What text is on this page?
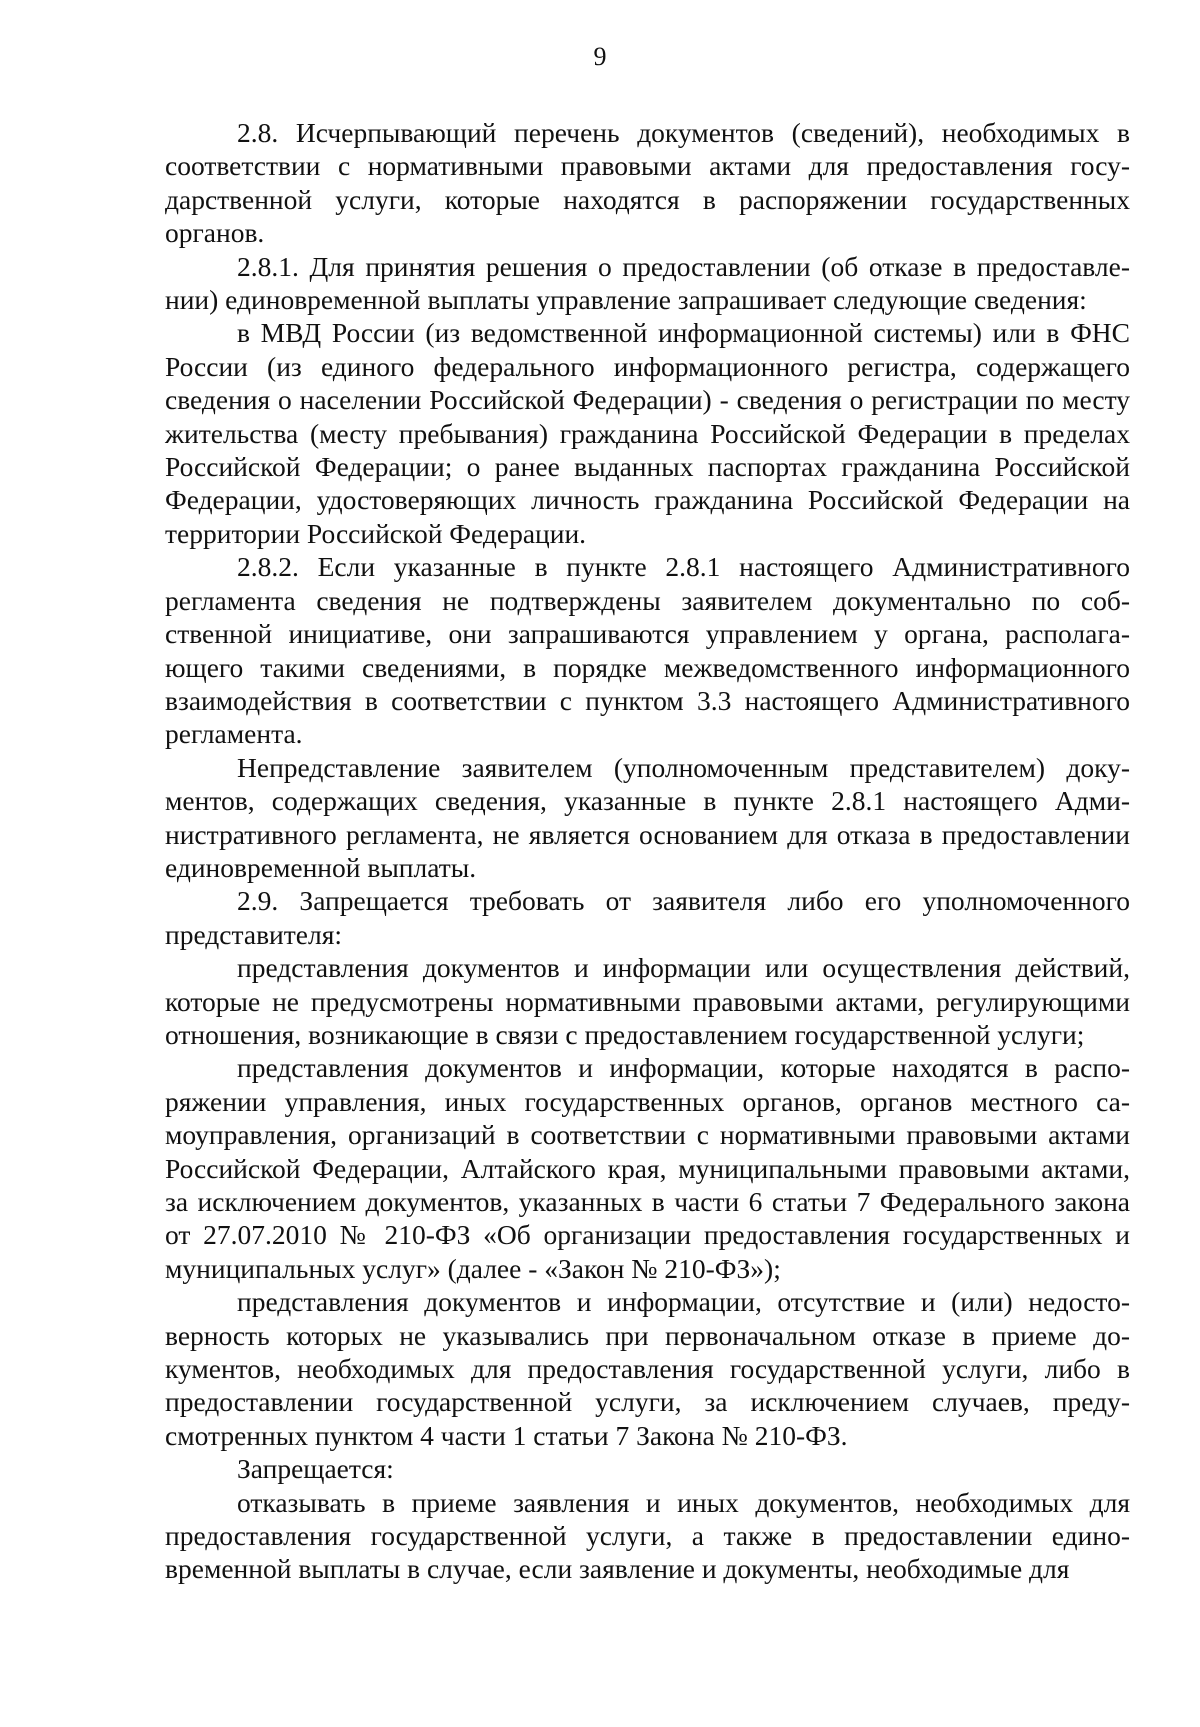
9

2.8. Исчерпывающий перечень документов (сведений), необходимых в соответствии с нормативными правовыми актами для предоставления государственной услуги, которые находятся в распоряжении государственных органов.

2.8.1. Для принятия решения о предоставлении (об отказе в предоставлении) единовременной выплаты управление запрашивает следующие сведения:

в МВД России (из ведомственной информационной системы) или в ФНС России (из единого федерального информационного регистра, содержащего сведения о населении Российской Федерации) - сведения о регистрации по месту жительства (месту пребывания) гражданина Российской Федерации в пределах Российской Федерации; о ранее выданных паспортах гражданина Российской Федерации, удостоверяющих личность гражданина Российской Федерации на территории Российской Федерации.

2.8.2. Если указанные в пункте 2.8.1 настоящего Административного регламента сведения не подтверждены заявителем документально по собственной инициативе, они запрашиваются управлением у органа, располагающего такими сведениями, в порядке межведомственного информационного взаимодействия в соответствии с пунктом 3.3 настоящего Административного регламента.

Непредставление заявителем (уполномоченным представителем) документов, содержащих сведения, указанные в пункте 2.8.1 настоящего Административного регламента, не является основанием для отказа в предоставлении единовременной выплаты.

2.9. Запрещается требовать от заявителя либо его уполномоченного представителя:

представления документов и информации или осуществления действий, которые не предусмотрены нормативными правовыми актами, регулирующими отношения, возникающие в связи с предоставлением государственной услуги;

представления документов и информации, которые находятся в распоряжении управления, иных государственных органов, органов местного самоуправления, организаций в соответствии с нормативными правовыми актами Российской Федерации, Алтайского края, муниципальными правовыми актами, за исключением документов, указанных в части 6 статьи 7 Федерального закона от 27.07.2010 № 210-ФЗ «Об организации предоставления государственных и муниципальных услуг» (далее - «Закон № 210-ФЗ»);

представления документов и информации, отсутствие и (или) недостоверность которых не указывались при первоначальном отказе в приеме документов, необходимых для предоставления государственной услуги, либо в предоставлении государственной услуги, за исключением случаев, предусмотренных пунктом 4 части 1 статьи 7 Закона № 210-ФЗ.

Запрещается:

отказывать в приеме заявления и иных документов, необходимых для предоставления государственной услуги, а также в предоставлении единовременной выплаты в случае, если заявление и документы, необходимые для
